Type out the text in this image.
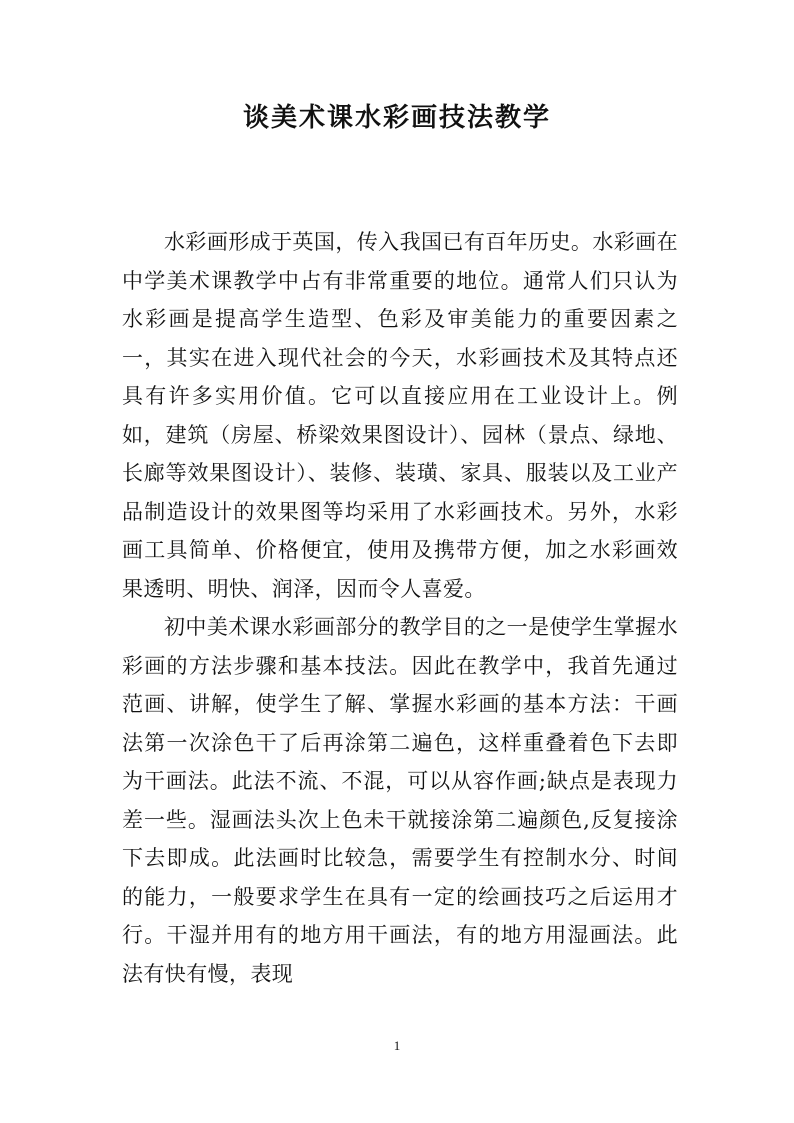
谈美术课水彩画技法教学

水彩画形成于英国，传入我国已有百年历史。水彩画在中学美术课教学中占有非常重要的地位。通常人们只认为水彩画是提高学生造型、色彩及审美能力的重要因素之一，其实在进入现代社会的今天，水彩画技术及其特点还具有许多实用价值。它可以直接应用在工业设计上。例如，建筑（房屋、桥梁效果图设计）、园林（景点、绿地、长廊等效果图设计）、装修、装璜、家具、服装以及工业产品制造设计的效果图等均采用了水彩画技术。另外，水彩画工具简单、价格便宜，使用及携带方便，加之水彩画效果透明、明快、润泽，因而令人喜爱。

初中美术课水彩画部分的教学目的之一是使学生掌握水彩画的方法步骤和基本技法。因此在教学中，我首先通过范画、讲解，使学生了解、掌握水彩画的基本方法：干画法第一次涂色干了后再涂第二遍色，这样重叠着色下去即为干画法。此法不流、不混，可以从容作画;缺点是表现力差一些。湿画法头次上色未干就接涂第二遍颜色,反复接涂下去即成。此法画时比较急，需要学生有控制水分、时间的能力，一般要求学生在具有一定的绘画技巧之后运用才行。干湿并用有的地方用干画法，有的地方用湿画法。此法有快有慢，表现

1
